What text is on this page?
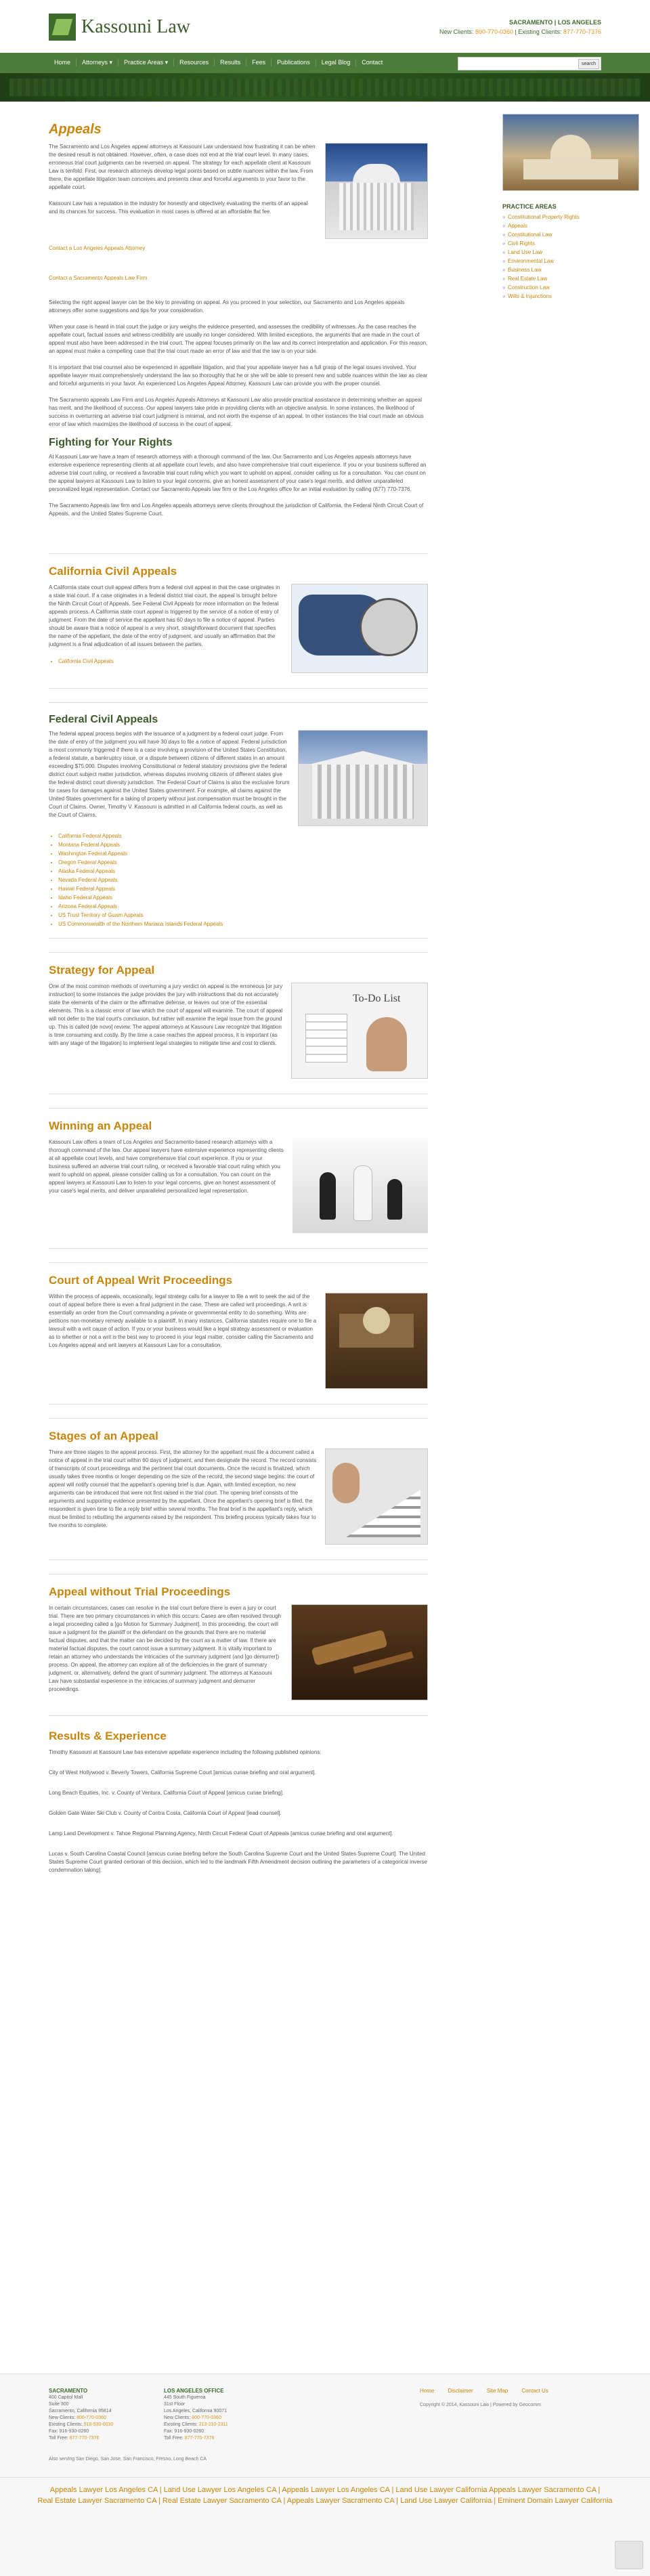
Kassouni Law	SACRAMENTO | LOS ANGELES
New Clients: 800-770-0360 | Existing Clients: 877-770-7376
Home	Attorneys ▾	Practice Areas ▾	Resources	Results	Fees	Publications	Legal Blog	Contact	search
Appeals

The Sacramento and Los Angeles appeal attorneys at Kassouni Law understand how frustrating it can be when the desired result is not obtained. However, often, a case does not end at the trial court level. In many cases, erroneous trial court judgments can be reversed on appeal. The strategy for each appellate client at Kassouni Law is tenfold. First, our research attorneys develop legal points based on subtle nuances within the law. From there, the appellate litigation team conceives and presents clear and forceful arguments to your favor to the appellate court.

Kassouni Law has a reputation in the industry for honestly and objectively evaluating the merits of an appeal and its chances for success. This evaluation in most cases is offered at an affordable flat fee.

Contact a Los Angeles Appeals Attorney

Contact a Sacramento Appeals Law Firm

Selecting the right appeal lawyer can be the key to prevailing on appeal. As you proceed in your selection, our Sacramento and Los Angeles appeals attorneys offer some suggestions and tips for your consideration.

When your case is heard in trial court the judge or jury weighs the evidence presented, and assesses the credibility of witnesses. As the case reaches the appellate court, factual issues and witness credibility are usually no longer considered. With limited exceptions, the arguments that are made in the court of appeal must also have been addressed in the trial court. The appeal focuses primarily on the law and its correct interpretation and application. For this reason, an appeal must make a compelling case that the trial court made an error of law and that the law is on your side.

It is important that trial counsel also be experienced in appellate litigation, and that your appellate lawyer has a full grasp of the legal issues involved. Your appellate lawyer must comprehensively understand the law so thoroughly that he or she will be able to present new and subtle nuances within the law as clear and forceful arguments in your favor. An experienced Los Angeles Appeal Attorney, Kassouni Law can provide you with the proper counsel.

The Sacramento appeals Law Firm and Los Angeles Appeals Attorneys at Kassouni Law also provide practical assistance in determining whether an appeal has merit, and the likelihood of success. Our appeal lawyers take pride in providing clients with an objective analysis. In some instances, the likelihood of success in overturning an adverse trial court judgment is minimal, and not worth the expense of an appeal. In other instances the trial court made an obvious error of law which maximizes the likelihood of success in the court of appeal.

Fighting for Your Rights

At Kassouni Law we have a team of research attorneys with a thorough command of the law. Our Sacramento and Los Angeles appeals attorneys have extensive experience representing clients at all appellate court levels, and also have comprehensive trial court experience. If you or your business suffered an adverse trial court ruling, or received a favorable trial court ruling which you want to uphold on appeal, consider calling us for a consultation. You can count on the appeal lawyers at Kassouni Law to listen to your legal concerns, give an honest assessment of your case's legal merits, and deliver unparalleled personalized legal representation. Contact our Sacramento Appeals law firm or the Los Angeles office for an initial evaluation by calling (877) 770-7376.

The Sacramento Appeals law firm and Los Angeles appeals attorneys serve clients throughout the jurisdiction of California, the Federal Ninth Circuit Court of Appeals, and the United States Supreme Court.

California Civil Appeals

A California state court civil appeal differs from a federal civil appeal in that the case originates in a state trial court. If a case originates in a federal district trial court, the appeal is brought before the Ninth Circuit Court of Appeals. See Federal Civil Appeals for more information on the federal appeals process. A California state court appeal is triggered by the service of a notice of entry of judgment. From the date of service the appellant has 60 days to file a notice of appeal. Parties should be aware that a notice of appeal is a very short, straightforward document that specifies the name of the appellant, the date of the entry of judgment, and usually an affirmation that the judgment is a final adjudication of all issues between the parties.

• California Civil Appeals
Federal Civil Appeals

The federal appeal process begins with the issuance of a judgment by a federal court judge. From the date of entry of the judgment you will have 30 days to file a notice of appeal. Federal jurisdiction is most commonly triggered if there is a case involving a provision of the United States Constitution, a federal statute, a bankruptcy issue, or a dispute between citizens of different states in an amount exceeding $75,000. Disputes involving Constitutional or federal statutory provisions give the federal district court subject matter jurisdiction, whereas disputes involving citizens of different states give the federal district court diversity jurisdiction. The Federal Court of Claims is also the exclusive forum for cases for damages against the United States government. For example, all claims against the United States government for a taking of property without just compensation must be brought in the Court of Claims. Owner, Timothy V. Kassouni is admitted in all California federal courts, as well as the Court of Claims.

• California Federal Appeals
• Montana Federal Appeals
• Washington Federal Appeals
• Oregon Federal Appeals
• Alaska Federal Appeals
• Nevada Federal Appeals
• Hawaii Federal Appeals
• Idaho Federal Appeals
• Arizona Federal Appeals
• US Trust Territory of Guam Appeals
• US Commonwealth of the Northern Mariana Islands Federal Appeals
Strategy for Appeal
To-Do List

One of the most common methods of overturning a jury verdict on appeal is the erroneous [or jury instruction] to some instances the judge provides the jury with instructions that do not accurately state the elements of the claim or the affirmative defense, or leaves out one of the essential elements. This is a classic error of law which the court of appeal will examine. The court of appeal will not defer to the trial court's conclusion, but rather will examine the legal issue from the ground up. This is called [de novo] review. The appeal attorneys at Kassouni Law recognize that litigation is time consuming and costly. By the time a case reaches the appeal process, it is important (as with any stage of the litigation) to implement legal strategies to mitigate time and cost to clients.

Winning an Appeal

Kassouni Law offers a team of Los Angeles and Sacramento-based research attorneys with a thorough command of the law. Our appeal lawyers have extensive experience representing clients at all appellate court levels, and have comprehensive trial court experience. If you or your business suffered an adverse trial court ruling, or received a favorable trial court ruling which you want to uphold on appeal, please consider calling us for a consultation. You can count on the appeal lawyers at Kassouni Law to listen to your legal concerns, give an honest assessment of your case's legal merits, and deliver unparalleled personalized legal representation.

Court of Appeal Writ Proceedings

Within the process of appeals, occasionally, legal strategy calls for a lawyer to file a writ to seek the aid of the court of appeal before there is even a final judgment in the case. These are called writ proceedings. A writ is essentially an order from the Court commanding a private or governmental entity to do something. Writs are petitions non-monetary remedy available to a plaintiff. In many instances, California statutes require one to file a lawsuit with a writ cause of action. If you or your business would like a legal strategy assessment or evaluation as to whether or not a writ is the best way to proceed in your legal matter, consider calling the Sacramento and Los Angeles appeal and writ lawyers at Kassouni Law for a consultation.

Stages of an Appeal

There are three stages to the appeal process. First, the attorney for the appellant must file a document called a notice of appeal in the trial court within 60 days of judgment, and then designate the record. The record consists of transcripts of court proceedings and the pertinent trial court documents. Once the record is finalized, which usually takes three months or longer depending on the size of the record, the second stage begins: the court of appeal will notify counsel that the appellant's opening brief is due. Again, with limited exception, no new arguments can be introduced that were not first raised in the trial court. The opening brief consists of the arguments and supporting evidence presented by the appellant. Once the appellant's opening brief is filed, the respondent is given time to file a reply brief within several months. The final brief is the appellant's reply, which must be limited to rebutting the arguments raised by the respondent. This briefing process typically takes four to five months to complete.

Appeal without Trial Proceedings

In certain circumstances, cases can resolve in the trial court before there is even a jury or court trial. There are two primary circumstances in which this occurs. Cases are often resolved through a legal proceeding called a [go Motion for Summary Judgment]. In this proceeding, the court will issue a judgment for the plaintiff or the defendant on the grounds that there are no material factual disputes, and that the matter can be decided by the court as a matter of law. If there are material factual disputes, the court cannot issue a summary judgment. It is vitally important to retain an attorney who understands the intricacies of the summary judgment (and [go demurrer]) process. On appeal, the attorney can explore all of the deficiencies in the grant of summary judgment, or, alternatively, defend the grant of summary judgment. The attorneys at Kassouni Law have substantial experience in the intricacies of summary judgment and demurrer proceedings.

Results & Experience

Timothy Kassouni at Kassouni Law has extensive appellate experience including the following published opinions:

City of West Hollywood v. Beverly Towers, California Supreme Court [amicus curiae briefing and oral argument].

Long Beach Equities, Inc. v. County of Ventura, California Court of Appeal [amicus curiae briefing].

Golden Gate Water Ski Club v. County of Contra Costa, California Court of Appeal [lead counsel].

Lamp Land Development v. Tahoe Regional Planning Agency, Ninth Circuit Federal Court of Appeals [amicus curiae briefing and oral argument].

Lucas v. South Carolina Coastal Council [amicus curiae briefing before the South Carolina Supreme Court and the United States Supreme Court]. The United States Supreme Court granted certiorari of this decision, which led to the landmark Fifth Amendment decision outlining the parameters of a categorical inverse condemnation taking].

PRACTICE AREAS
» Constitutional Property Rights
» Appeals
» Constitutional Law
» Civil Rights
» Land Use Law
» Environmental Law
» Business Law
» Real Estate Law
» Construction Law
» Wills & Injunctions
SACRAMENTO
400 Capitol Mall
Suite 900
Sacramento, California 95814
New Clients: 800-770-0360
Existing Clients: 916-930-0030
Fax: 916-930-0260
Toll Free: 877-770-7376
LOS ANGELES OFFICE
445 South Figueroa
31st Floor
Los Angeles, California 90071
New Clients: 800-770-0360
Existing Clients: 213-210-2311
Fax: 916-930-0260
Toll Free: 877-770-7376
Home	Disclaimer	Site Map	Contact Us
Copyright © 2014, Kassouni Law | Powered by Geocomm
Also serving San Diego, San Jose, San Francisco, Fresno, Long Beach CA
Appeals Lawyer Los Angeles CA | Land Use Lawyer Los Angeles CA | Appeals Lawyer Los Angeles CA | Land Use Lawyer California Appeals Lawyer Sacramento CA |
Real Estate Lawyer Sacramento CA | Real Estate Lawyer Sacramento CA | Appeals Lawyer Sacramento CA | Land Use Lawyer California | Eminent Domain Lawyer California
